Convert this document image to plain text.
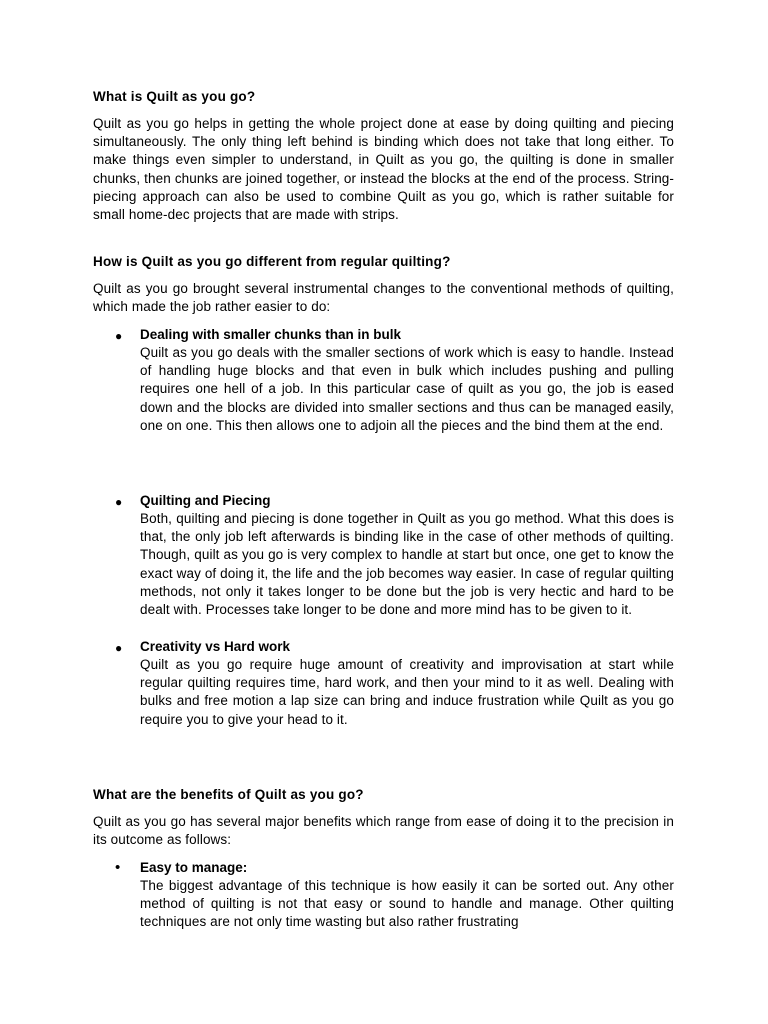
What is Quilt as you go?

Quilt as you go helps in getting the whole project done at ease by doing quilting and piecing simultaneously. The only thing left behind is binding which does not take that long either. To make things even simpler to understand, in Quilt as you go, the quilting is done in smaller chunks, then chunks are joined together, or instead the blocks at the end of the process. String-piecing approach can also be used to combine Quilt as you go, which is rather suitable for small home-dec projects that are made with strips.

How is Quilt as you go different from regular quilting?

Quilt as you go brought several instrumental changes to the conventional methods of quilting, which made the job rather easier to do:

● Dealing with smaller chunks than in bulk

Quilt as you go deals with the smaller sections of work which is easy to handle. Instead of handling huge blocks and that even in bulk which includes pushing and pulling requires one hell of a job. In this particular case of quilt as you go, the job is eased down and the blocks are divided into smaller sections and thus can be managed easily, one on one. This then allows one to adjoin all the pieces and the bind them at the end.

● Quilting and Piecing

Both, quilting and piecing is done together in Quilt as you go method. What this does is that, the only job left afterwards is binding like in the case of other methods of quilting. Though, quilt as you go is very complex to handle at start but once, one get to know the exact way of doing it, the life and the job becomes way easier. In case of regular quilting methods, not only it takes longer to be done but the job is very hectic and hard to be dealt with. Processes take longer to be done and more mind has to be given to it.

● Creativity vs Hard work

Quilt as you go require huge amount of creativity and improvisation at start while regular quilting requires time, hard work, and then your mind to it as well. Dealing with bulks and free motion a lap size can bring and induce frustration while Quilt as you go require you to give your head to it.

What are the benefits of Quilt as you go?

Quilt as you go has several major benefits which range from ease of doing it to the precision in its outcome as follows:

• Easy to manage:

The biggest advantage of this technique is how easily it can be sorted out. Any other method of quilting is not that easy or sound to handle and manage. Other quilting techniques are not only time wasting but also rather frustrating
